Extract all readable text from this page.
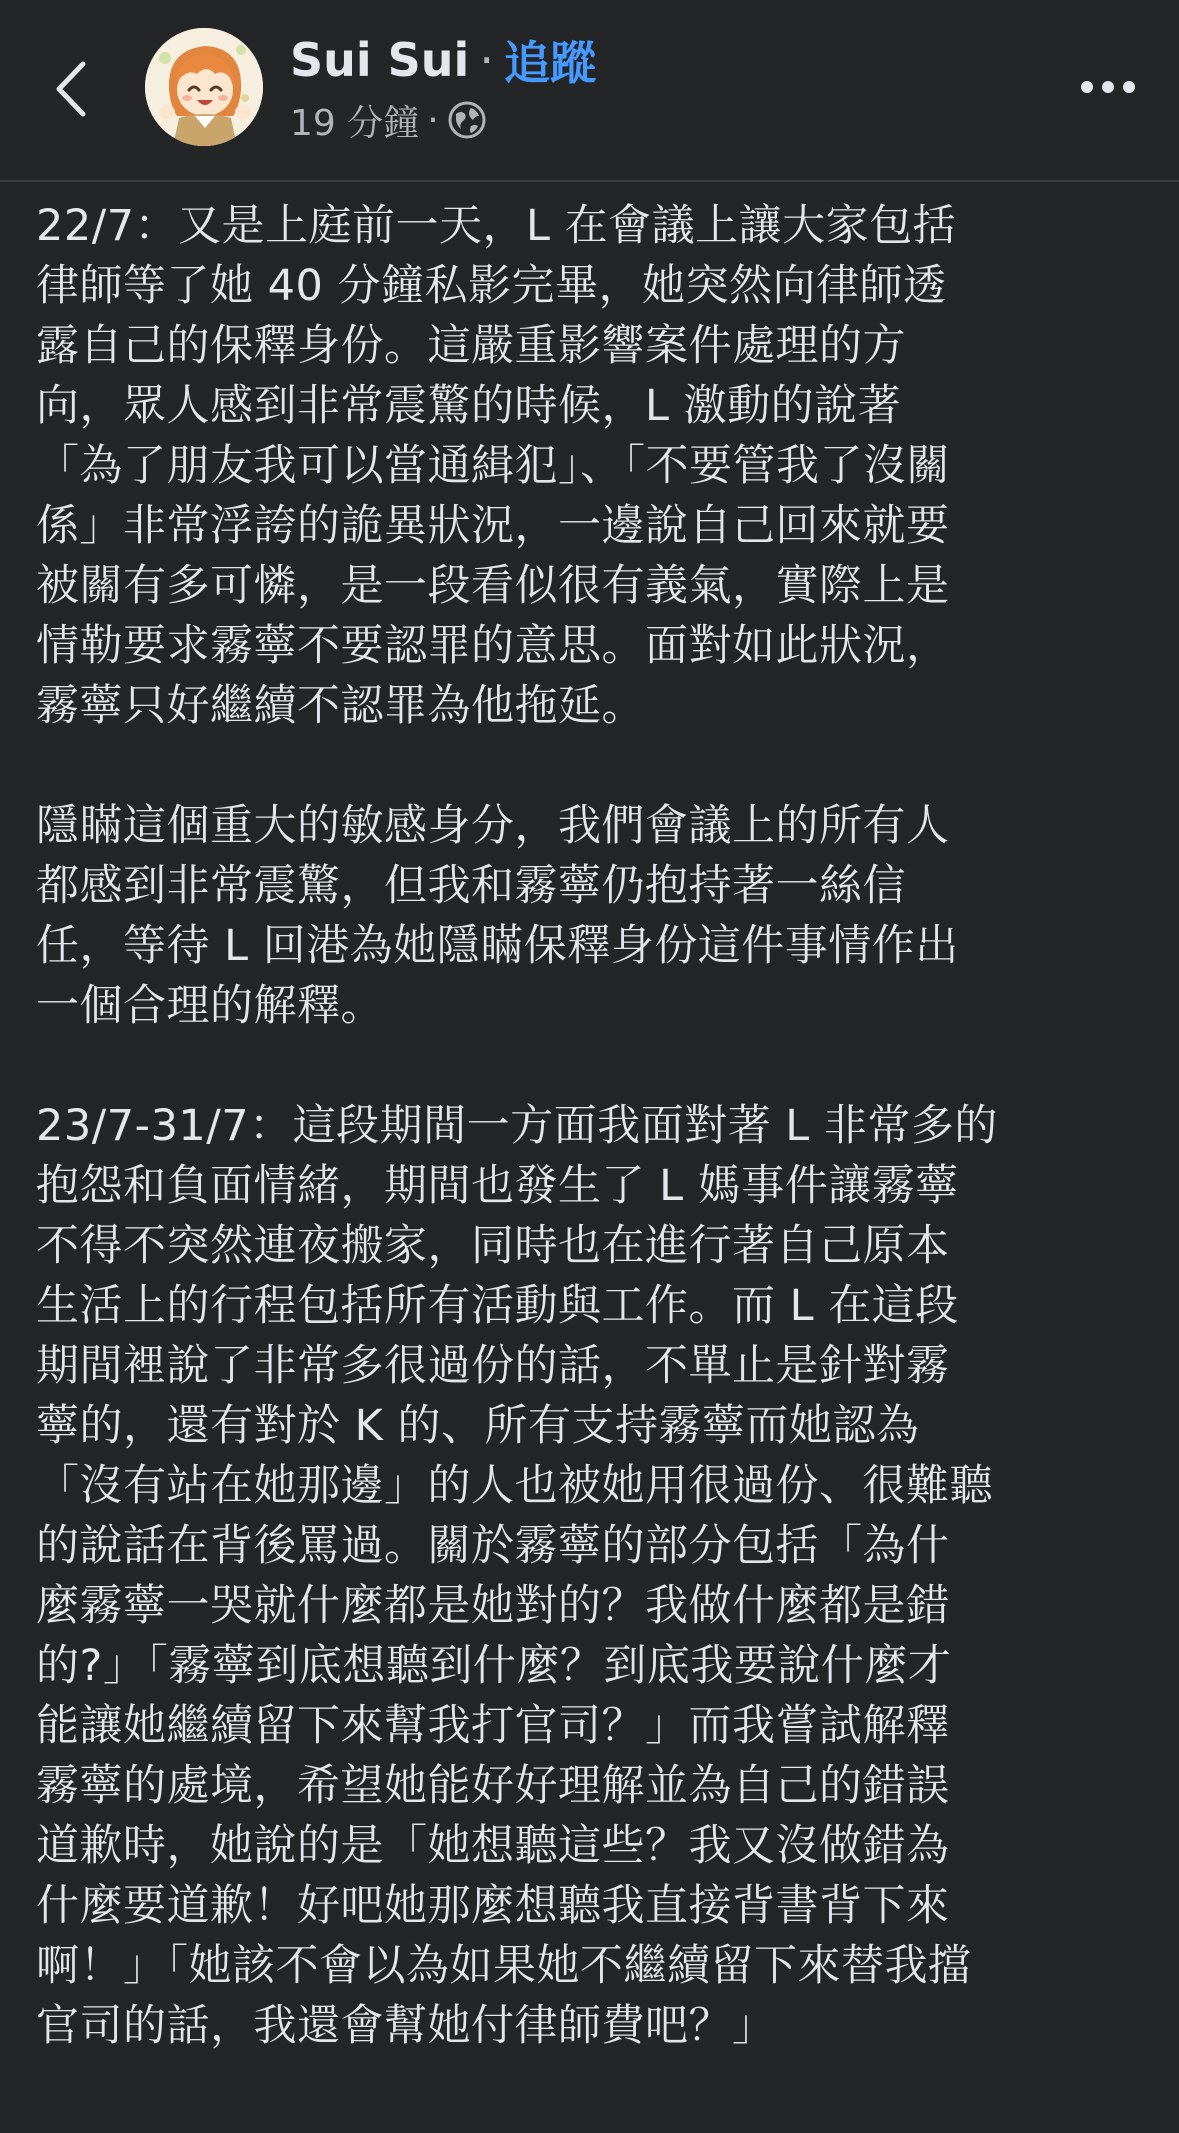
Sui Sui · 追蹤
19 分鐘 ·

22/7：又是上庭前一天，L 在會議上讓大家包括
律師等了她 40 分鐘私影完畢，她突然向律師透
露自己的保釋身份。這嚴重影響案件處理的方
向，眾人感到非常震驚的時候，L 激動的說著
「為了朋友我可以當通緝犯」、「不要管我了沒關
係」非常浮誇的詭異狀況，一邊說自己回來就要
被關有多可憐，是一段看似很有義氣，實際上是
情勒要求霧薴不要認罪的意思。面對如此狀況，
霧薴只好繼續不認罪為他拖延。

隱瞞這個重大的敏感身分，我們會議上的所有人
都感到非常震驚，但我和霧薴仍抱持著一絲信
任，等待 L 回港為她隱瞞保釋身份這件事情作出
一個合理的解釋。

23/7-31/7：這段期間一方面我面對著 L 非常多的
抱怨和負面情緒，期間也發生了 L 媽事件讓霧薴
不得不突然連夜搬家，同時也在進行著自己原本
生活上的行程包括所有活動與工作。而 L 在這段
期間裡說了非常多很過份的話，不單止是針對霧
薴的，還有對於 K 的、所有支持霧薴而她認為
「沒有站在她那邊」的人也被她用很過份、很難聽
的說話在背後罵過。關於霧薴的部分包括「為什
麼霧薴一哭就什麼都是她對的？我做什麼都是錯
的?」「霧薴到底想聽到什麼？到底我要說什麼才
能讓她繼續留下來幫我打官司？」而我嘗試解釋
霧薴的處境，希望她能好好理解並為自己的錯誤
道歉時，她說的是「她想聽這些？我又沒做錯為
什麼要道歉！好吧她那麼想聽我直接背書背下來
啊！」「她該不會以為如果她不繼續留下來替我擋
官司的話，我還會幫她付律師費吧？」
